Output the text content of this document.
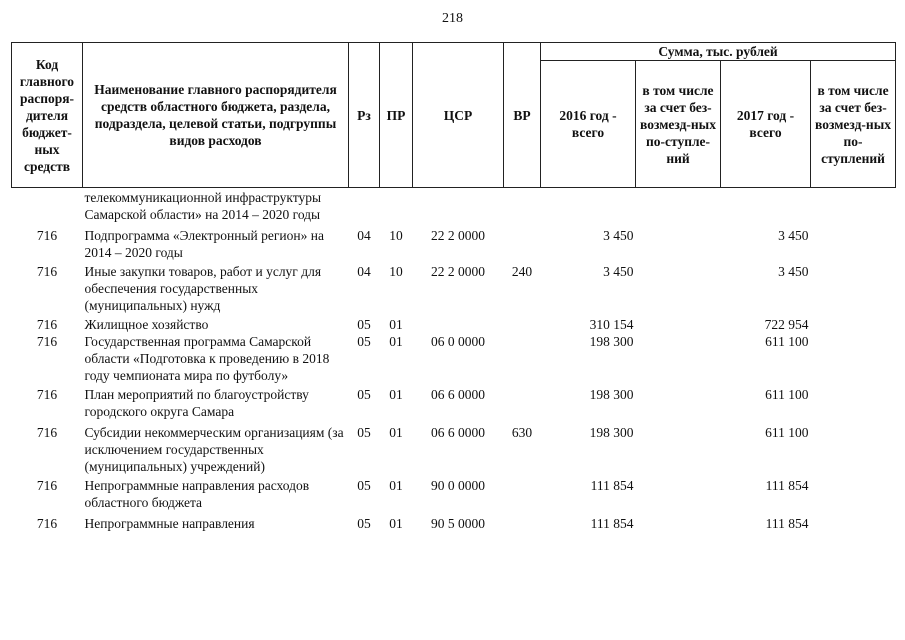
218
Код главного распоря-дителя бюджет-ных средств	Наименование главного распорядителя средств областного бюджета, раздела, подраздела, целевой статьи, подгруппы видов расходов	Рз	ПР	ЦСР	ВР	Сумма, тыс. рублей			
						2016 год - всего	в том числе за счет без-возмезд-ных по-ступле-ний	2017 год - всего	в том числе за счет без-возмезд-ных по-ступлений
	телекоммуникационной инфраструктуры Самарской области» на 2014 – 2020 годы								
716	Подпрограмма «Электронный регион» на 2014 – 2020 годы	04	10	22 2 0000		3 450		3 450	
716	Иные закупки товаров, работ и услуг для обеспечения государственных (муниципальных) нужд	04	10	22 2 0000	240	3 450		3 450	
716	Жилищное хозяйство	05	01			310 154		722 954	
716	Государственная программа Самарской области «Подготовка к проведению в 2018 году чемпионата мира по футболу»	05	01	06 0 0000		198 300		611 100	
716	План мероприятий по благоустройству городского округа Самара	05	01	06 6 0000		198 300		611 100	
716	Субсидии некоммерческим организациям (за исключением государственных (муниципальных) учреждений)	05	01	06 6 0000	630	198 300		611 100	
716	Непрограммные направления расходов областного бюджета	05	01	90 0 0000		111 854		111 854	
716	Непрограммные направления	05	01	90 5 0000		111 854		111 854	
